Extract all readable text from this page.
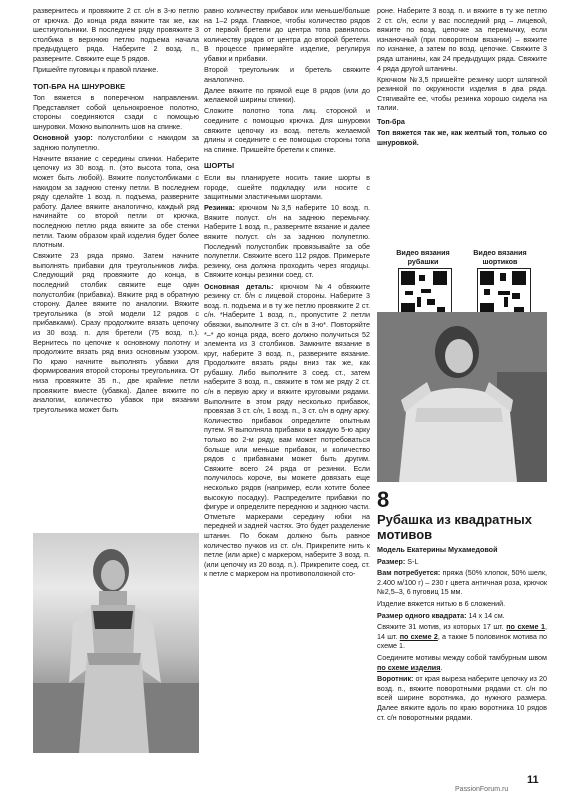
развернитесь и провяжите 2 ст. с/н в 3-ю петлю от крючка. До конца ряда вяжите так же, как шестиугольники. В последнем ряду провяжите 3 столбика в верхнюю петлю подъема начала предыдущего ряда. Наберите 2 возд. п., разверните. Свяжите еще 5 рядов.

Пришейте пуговицы к правой планке.

ТОП-БРА НА ШНУРОВКЕ

Топ вяжется в поперечном направлении. Представляет собой цельнокроеное полотно, стороны соединяются сзади с помощью шнуровки. Можно выполнить шов на спинке.

Основной узор: полустолбики с накидом за заднюю полупетлю.

Начните вязание с середины спинки. Наберите цепочку из 30 возд. п. (это высота топа, она может быть любой). Вяжите полустолбиками с накидом за заднюю стенку петли. В последнем ряду сделайте 1 возд. п. подъема, разверните работу. Далее вяжите аналогично, каждый ряд начинайте со второй петли от крючка, последнюю петлю ряда вяжите за обе стенки петли. Таким образом край изделия будет более плотным.

Свяжите 23 ряда прямо. Затем начните выполнять прибавки для треугольников лифа. Следующий ряд провяжите до конца, в последний столбик свяжите еще один полустолбик (прибавка). Вяжите ряд в обратную сторону. Далее вяжите по аналогии. Вяжите треугольника (в этой модели 12 рядов с прибавками). Сразу продолжите вязать цепочку из 30 возд. п. для бретели (75 возд. п.). Вернитесь по цепочке к основному полотну и продолжите вязать ряд вниз основным узором. По краю начните выполнять убавки для формирования второй стороны треугольника. От низа провяжите 35 п., две крайние петли провяжите вместе (убавка). Далее вяжите по аналогии, количество убавок при вязании треугольника может быть

равно количеству прибавок или меньше/больше на 1–2 ряда. Главное, чтобы количество рядов от первой бретели до центра топа равнялось количеству рядов от центра до второй бретели. В процессе примеряйте изделие, регулируя убавки и прибавки.

Второй треугольник и бретель свяжите аналогично.

Далее вяжите по прямой еще 8 рядов (или до желаемой ширины спинки).

Сложите полотно топа лиц. стороной и соедините с помощью крючка. Для шнуровки свяжите цепочку из возд. петель желаемой длины и соедините с ее помощью стороны топа на спинке. Пришейте бретели к спинке.

ШОРТЫ

Если вы планируете носить такие шорты в городе, сшейте подкладку или носите с защитными эластичными шортами.

Резинка: крючком №3,5 наберите 10 возд. п. Вяжите полуст. с/н на заднюю перемычку. Наберите 1 возд. п., разверните вязание и далее вяжите полуст. с/н за заднюю полупетлю. Последний полустолбик провязывайте за обе полупетли. Свяжите всего 112 рядов. Примерьте резинку, она должна проходить через ягодицы. Свяжите концы резинки соед. ст.

Основная деталь: крючком №4 обвяжите резинку ст. б/н с лицевой стороны. Наберите 3 возд. п. подъема и в ту же петлю провяжите 2 ст. с/н. *Наберите 1 возд. п., пропустите 2 петли обвязки, выполните 3 ст. с/н в 3-ю*. Повторяйте *–* до конца ряда, всего должно получиться 52 элемента из 3 столбиков. Замкните вязание в круг, наберите 3 возд. п., разверните вязание. Продолжите вязать ряды вниз так же, как рубашку. Либо выполните 3 соед. ст., затем наберите 3 возд. п., свяжите в том же ряду 2 ст. с/н в первую арку и вяжите круговыми рядами. Выполните в этом ряду несколько прибавок, провязав 3 ст. с/н, 1 возд. п., 3 ст. с/н в одну арку. Количество прибавок определите опытным путем. Я выполняла прибавки в каждую 5-ю арку только во 2-м ряду, вам может потребоваться больше или меньше прибавок, и количество рядов с прибавками может быть другим. Свяжите всего 24 ряда от резинки. Если получилось короче, вы можете довязать еще несколько рядов (например, если хотите более высокую посадку). Распределите прибавки по фигуре и определите переднюю и заднюю части. Отметьте маркерами середину юбки на передней и задней частях. Это будет разделение штанин. По бокам должно быть равное количество пучков из ст. с/н. Прикрепите нить к петле (или арке) с маркером, наберите 3 возд. п. (или цепочку из 20 возд. п.). Прикрепите соед. ст. к петле с маркером на противоположной сто-

роне. Наберите 3 возд. п. и вяжите в ту же петлю 2 ст. с/н, если у вас последний ряд – лицевой, вяжите по возд. цепочке за перемычку, если изнаночный (при поворотном вязании) – вяжите по изнанке, а затем по возд. цепочке. Свяжите 3 ряда штанины, как 24 предыдущих ряда. Свяжите 4 ряда другой штанины.

Крючком №3,5 пришейте резинку шорт шляпной резинкой по окружности изделия в два ряда. Стягивайте ее, чтобы резинка хорошо сидела на талии.

Топ-бра

Топ вяжется так же, как желтый топ, только со шнуровкой.

Видео вязания рубашки
Видео вязания шортиков
8
Рубашка из квадратных мотивов

Модель Екатерины Мухамедовой

Размер: S-L

Вам потребуется: пряжа (50% хлопок, 50% шелк, 2.400 м/100 г) – 230 г цвета античная роза, крючок №2,5–3, 6 пуговиц 15 мм.

Изделие вяжется нитью в 6 сложений.

Размер одного квадрата: 14 х 14 см.

Свяжите 31 мотив, из которых 17 шт. по схеме 1, 14 шт. по схеме 2, а также 5 половинок мотива по схеме 1.

Соедините мотивы между собой тамбурным швом по схеме изделия.

Воротник: от края выреза наберите цепочку из 20 возд. п., вяжите поворотными рядами ст. с/н по всей ширине воротника, до нужного размера. Далее вяжите вдоль по краю воротника 10 рядов ст. с/н поворотными рядами.

11
PassionForum.ru
